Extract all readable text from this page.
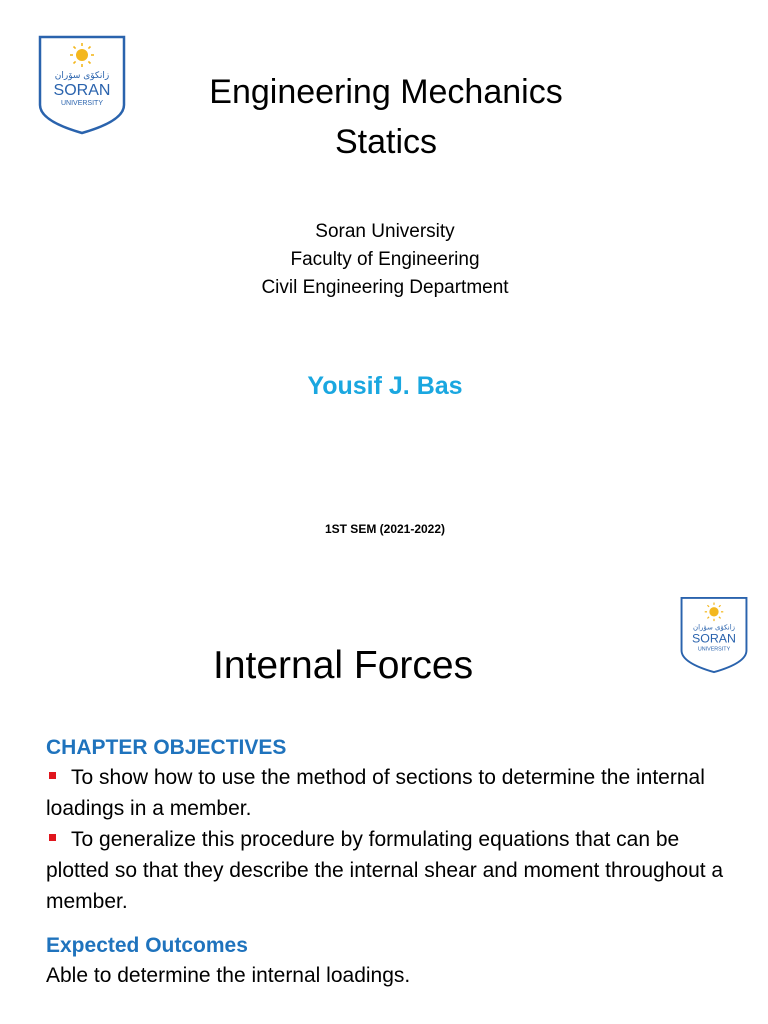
زانكۆی سۆران
SORAN
UNIVERSITY	Engineering Mechanics
Statics
Soran University
Faculty of Engineering
Civil Engineering Department
Yousif J. Bas
1ST SEM (2021-2022)
زانكۆی سۆران
SORAN
UNIVERSITY
Internal Forces
CHAPTER OBJECTIVES
To show how to use the method of sections to determine the internal loadings in a member.
To generalize this procedure by formulating equations that can be plotted so that they describe the internal shear and moment throughout a member.
Expected Outcomes
Able to determine the internal loadings.
